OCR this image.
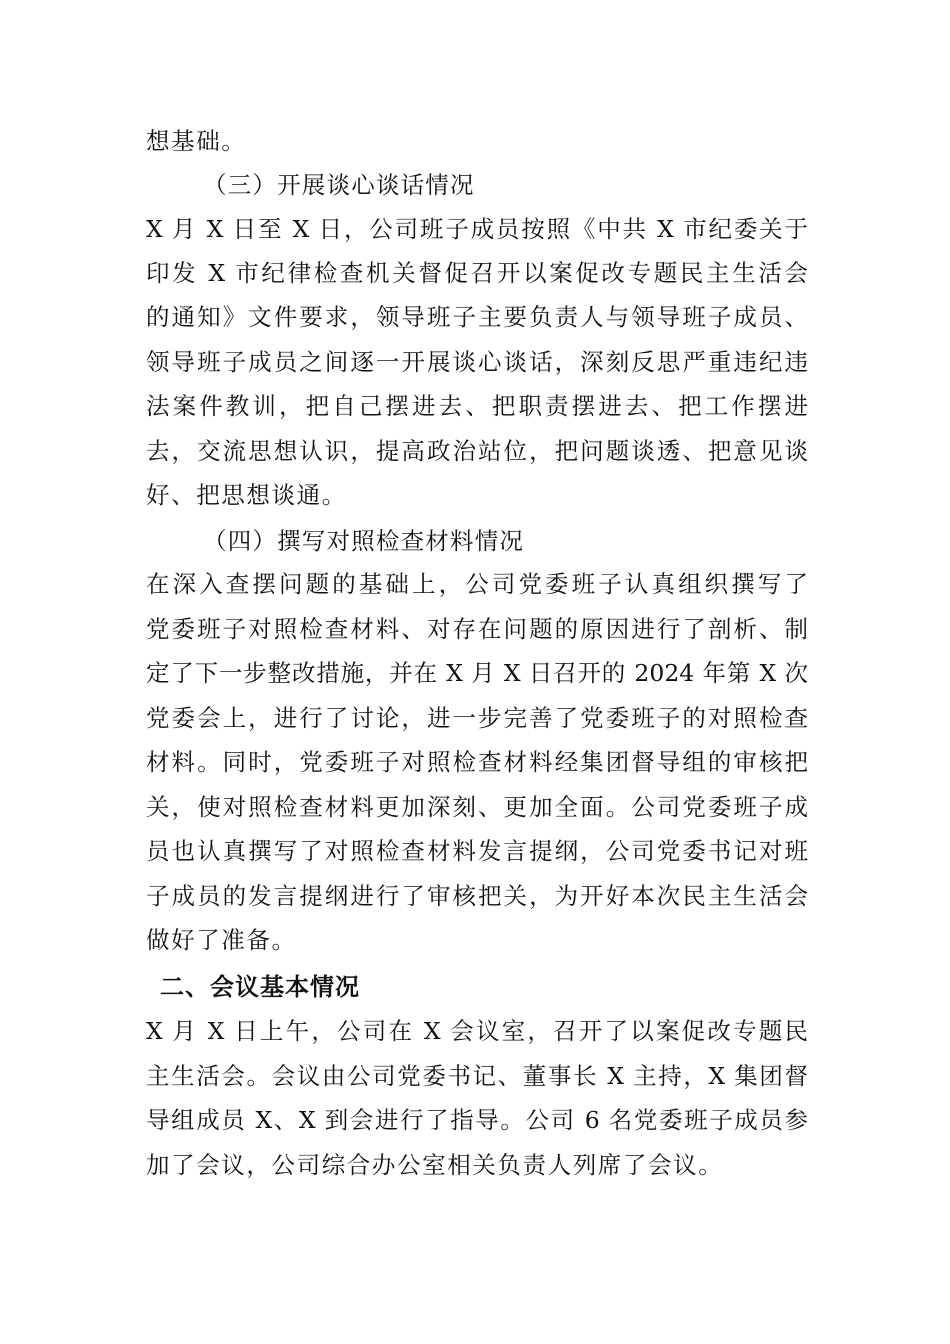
想基础。
（三）开展谈心谈话情况
X 月 X 日至 X 日，公司班子成员按照《中共 X 市纪委关于
印发 X 市纪律检查机关督促召开以案促改专题民主生活会
的通知》文件要求，领导班子主要负责人与领导班子成员、
领导班子成员之间逐一开展谈心谈话，深刻反思严重违纪违
法案件教训，把自己摆进去、把职责摆进去、把工作摆进
去，交流思想认识，提高政治站位，把问题谈透、把意见谈
好、把思想谈通。
（四）撰写对照检查材料情况
在深入查摆问题的基础上，公司党委班子认真组织撰写了
党委班子对照检查材料、对存在问题的原因进行了剖析、制
定了下一步整改措施，并在 X 月 X 日召开的 2024 年第 X 次
党委会上，进行了讨论，进一步完善了党委班子的对照检查
材料。同时，党委班子对照检查材料经集团督导组的审核把
关，使对照检查材料更加深刻、更加全面。公司党委班子成
员也认真撰写了对照检查材料发言提纲，公司党委书记对班
子成员的发言提纲进行了审核把关，为开好本次民主生活会
做好了准备。
二、会议基本情况
X 月 X 日上午，公司在 X 会议室，召开了以案促改专题民
主生活会。会议由公司党委书记、董事长 X 主持，X 集团督
导组成员 X、X 到会进行了指导。公司 6 名党委班子成员参
加了会议，公司综合办公室相关负责人列席了会议。
